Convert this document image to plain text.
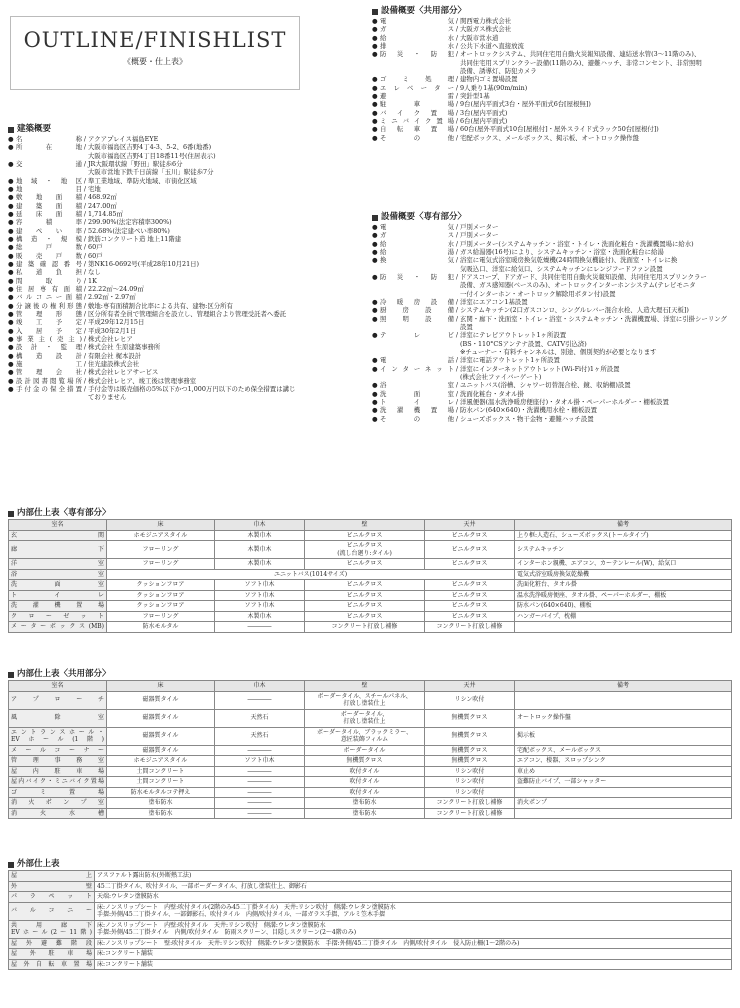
OUTLINE/FINISHLIST
《概要・仕上表》
建築概要
● 名称 / アクアプレイス福島EYE
● 所在地 / 大阪市福島区吉野4丁4-3、5-2、6番(地番)
大阪市福島区吉野4丁目18番11号(住居表示)
● 交通 / JR大阪環状線「野田」駅徒歩6分
大阪市営地下鉄千日前線「玉川」駅徒歩7分
● 地域・地区 / 準工業地域、準防火地域、市街化区域
● 地目 / 宅地
● 敷地面積 / 468.92㎡
● 建築面積 / 247.00㎡
● 延床面積 / 1,714.85㎡
● 容積率 / 299.90%(法定容積率300%)
● 建ぺい率 / 52.68%(法定建ぺい率80%)
● 構造・規模 / 鉄筋コンクリート造 地上11階建
● 総戸数 / 60戸
● 販売戸数 / 60戸
● 建築確認番号 / 第NK16-0692号(平成28年10月21日)
● 私道負担 / なし
● 間取り / 1K
● 住居専有面積 / 22.22㎡～24.09㎡
● バルコニー面積 / 2.92㎡・2.97㎡
● 分譲後の権利形態 / 敷地:専有面積割合比率による共有、建物:区分所有
● 管理形態 / 区分所有者全員で管理組合を設立し、管理組合より管理受託者へ委託
● 竣工予定 / 平成29年12月15日
● 入居予定 / 平成30年2月1日
● 事業主(売主) / 株式会社レヒア
● 設計・監理 / 株式会社 生原建築事務所
● 構造設計 / 有限会社 梶本設計
● 施工 / 住光建設株式会社
● 管理会社 / 株式会社レヒアサービス
● 設計図書閲覧場所 / 株式会社レヒア、竣工後は管理事務室
● 手付金の保全措置 / 手付金等は販売価格の5%以下かつ1,000万円以下のため保全措置は講じ
ておりません
設備概要〈共用部分〉
● 電気 / 関西電力株式会社
● ガス / 大阪ガス株式会社
● 給水 / 大阪市営水道
● 排水 / 公共下水道へ直接放流
● 防災・防犯 / オートロックシステム、共同住宅用自動火災報知設備、連結送水管(3～11階のみ)、
共同住宅用スプリンクラー設備(11階のみ)、避難ハッチ、非常コンセント、非常照明
設備、誘導灯、防犯カメラ
● ゴミ処理 / 建物内ゴミ置場設置
● エレベーター / 9人乗り1基(90m/min)
● 避雷 / 突針型1基
● 駐車場 / 9台(屋内平面式3台・屋外平面式6台[屋根無])
● バイク置場 / 3台(屋内平面式)
● ミニバイク置場 / 6台(屋内平面式)
● 自転車置場 / 60台(屋外平面式10台[屋根付]・屋外スライド式ラック50台[屋根付])
● その他 / 宅配ボックス、メールボックス、掲示板、オートロック操作盤
設備概要〈専有部分〉
● 電気 / 戸別メーター
● ガス / 戸別メーター
● 給水 / 戸別メーター(システムキッチン・浴室・トイレ・洗面化粧台・洗濯機置場に給水)
● 給湯 / ガス給湯器(16号)により、システムキッチン・浴室・洗面化粧台に給湯
● 換気 / 浴室に電気式浴室暖房換気乾燥機(24時間換気機能付)、洗面室・トイレに換
気吸込口、洋室に給気口、システムキッチンにレンジフードファン設置
● 防災・防犯 / ドアスコープ、ドアガード、共同住宅用自動火災報知設備、共同住宅用スプリンクラー
設備、ガス感知器(ベースのみ)、オートロックインターホンシステム(テレビモニタ
一付インターホン・オートロック解除用ボタン付)設置
● 冷暖房設備 / 洋室にエアコン1基設置
● 厨房設備 / システムキッチン(2口ガスコンロ、シングルレバー混合水栓、人造大理石[天板])
● 照明設備 / 玄関・廊下・洗面室・トイレ・浴室・システムキッチン・洗濯機置場、洋室に引掛シーリング
設置
● テレビ / 洋室にテレビアウトレット1ヶ所設置
(BS・110°CSアンテナ設置、CATV引込済)
※チューナー・有料チャンネルは、別途、個別契約が必要となります
● 電話 / 洋室に電話アウトレット1ヶ所設置
● インターネット / 洋室にインターネットアウトレット(Wi-Fi付)1ヶ所設置
(株式会社ファイバーゲート)
● 浴室 / ユニットバス(浴槽、シャワー切替混合栓、鏡、収納棚)設置
● 洗面室 / 洗面化粧台・タオル掛
● トイレ / 洋風便器(温水洗浄暖房便座付)・タオル掛・ペーパーホルダー・棚板設置
● 洗濯機置場 / 防水パン(640×640)・洗濯機用水栓・棚板設置
● その他 / シューズボックス・物干金物・避難ハッチ設置
内部仕上表〈専有部分〉
室名	床	巾木	壁	天井	備考
玄関	ホモジニアスタイル	木製巾木	ビニルクロス	ビニルクロス	上り框:人造石、シューズボックス(トールタイプ)
廊下	フローリング	木製巾木	ビニルクロス
(流し台廻り:タイル)	ビニルクロス	システムキッチン
洋室	フローリング	木製巾木	ビニルクロス	ビニルクロス	インターホン親機、エアコン、カーテンレール(W)、給気口
浴室	ユニットバス(1014サイズ)				電気式浴室暖房換気乾燥機
洗面室	クッションフロア	ソフト巾木	ビニルクロス	ビニルクロス	洗面化粧台、タオル掛
トイレ	クッションフロア	ソフト巾木	ビニルクロス	ビニルクロス	温水洗浄暖房便座、タオル掛、ペーパーホルダー、棚板
洗濯機置場	クッションフロア	ソフト巾木	ビニルクロス	ビニルクロス	防水パン(640×640)、棚板
クローゼット	フローリング	木製巾木	ビニルクロス	ビニルクロス	ハンガーパイプ、枕棚
メーターボックス(MB)	防水モルタル	――――	コンクリート打放し補修	コンクリート打放し補修	
内部仕上表〈共用部分〉
室名	床	巾木	壁	天井	備考
アプローチ	磁器質タイル	――――	ボーダータイル、スチールパネル、
打放し塗装仕上	リシン吹付	
風除室	磁器質タイル	天然石	ボーダータイル、
打放し塗装仕上	無機質クロス	オートロック操作盤
エントランスホール・
EVホール(1階)	磁器質タイル	天然石	ボーダータイル、ブラックミラー、
意匠装飾フィルム	無機質クロス	掲示板
メールコーナー	磁器質タイル	――――	ボーダータイル	無機質クロス	宅配ボックス、メールボックス
管理事務室	ホモジニアスタイル	ソフト巾木	無機質クロス	無機質クロス	エアコン、棲器、スロップシンク
屋内駐車場	土間コンクリート	――――	吹付タイル	リシン吹付	車止め
屋内バイク・ミニバイク置場	土間コンクリート	――――	吹付タイル	リシン吹付	盗難防止バイプ、一部シャッター
ゴミ置場	防水モルタルコテ押え	――――	吹付タイル	リシン吹付	
消火ポンプ室	塗布防水	――――	塗布防水	コンクリート打放し補修	消火ポンプ
消火水槽	塗布防水	――――	塗布防水	コンクリート打放し補修	
外部仕上表
屋上	アスファルト露出防水(外断熱工法)
外壁	45二丁掛タイル、吹付タイル、一部ボーダータイル、打放し塗装仕上、御影石
パラペット	天端:ウレタン塗膜防水
バルコニー	床:ノンスリップシート　内壁:吹付タイル(2階のみ45二丁掛タイル)　天井:リシン吹付　側溝:ウレタン塗膜防水
手摺:外側/45二丁掛タイル、一部御影石、吹付タイル　内側/吹付タイル、一部ガラス手摺、アルミ笠木手摺
共用廊下
EVホール(2～11階)	床:ノンスリップシート　内壁:吹付タイル　天井:リシン吹付　側溝:ウレタン塗膜防水
手摺:外側/45二丁掛タイル　内側/吹付タイル　防雨スクリーン、目隠しスクリーン(2～4階のみ)
屋外避難階段	床:ノンスリップシート　壁:吹付タイル　天井:リシン吹付　側溝:ウレタン塗膜防水　手摺:外側/45二丁掛タイル　内側/吹付タイル　侵入防止柵(1～2階のみ)
屋外駐車場	床:コンクリート舗装
屋外自転車置場	床:コンクリート舗装
